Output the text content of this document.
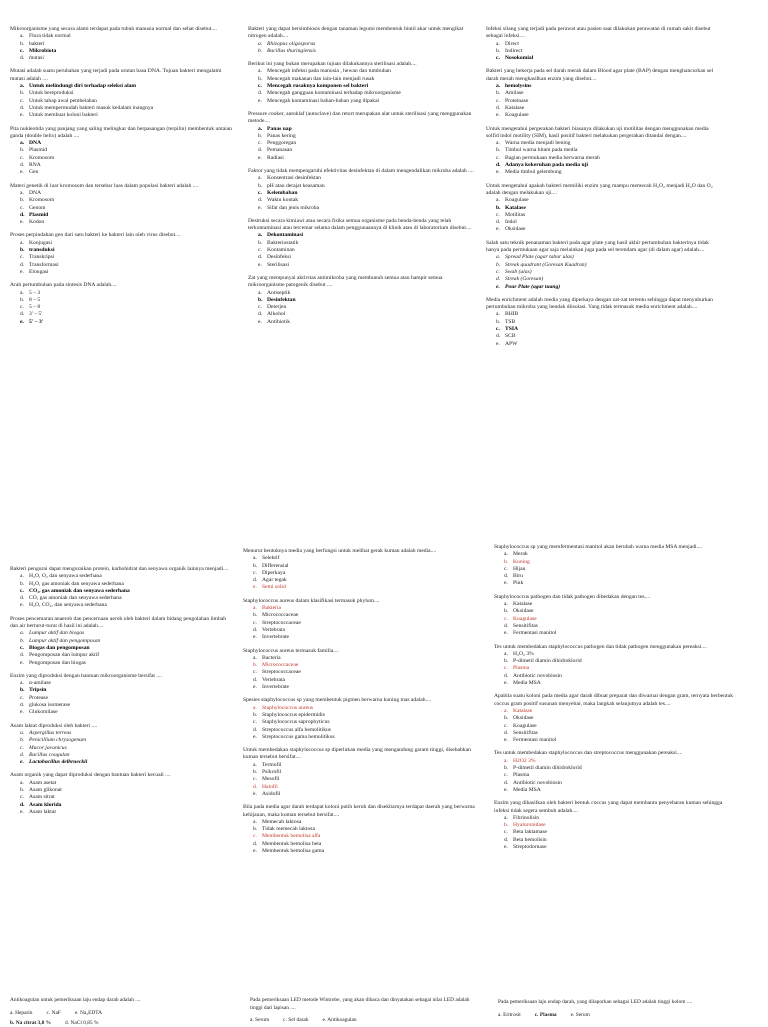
Mikroorganisme yang secara alami terdapat pada tubuh manusia normal dan sehat disebut....

a. Flora tidak normal
b. bakteri
c. Mikrobiota
d. mutasi

Mutasi adalah suatu perubahan yang terjadi pada urutan basa DNA. Tujuan bakteri mengalami mutasi adalah ....

a. Untuk melindungi diri terhadap seleksi alam
b. Untuk bereproduksi
c. Untuk tahap awal pembelahan
d. Untuk mempermudah bakteri masuk kedalam inangnya
e. Untuk membuat koloni bakteri

Pita nukleotida yang panjang yang saling melingkar dan berpasangan (terpilin) membentuk untaian ganda (double helix) adalah ....

a. DNA
b. Plasmid
c. Kromosom
d. RNA
e. Gen

Materi genetik di luar kromosom dan tersebar luas dalam populasi bakteri adalah ....

a. DNA
b. Kromosom
c. Genom
d. Plasmid
e. Kodon

Proses perpindahan gen dari satu bakteri ke bakteri lain oleh virus disebut....

a. Konjugasi
b. transduksi
c. Transkripsi
d. Transformasi
e. Elongasi

Arah pertumbuhan pada sintesis DNA adalah....

a. 5 – 3
b. 8 – 5
c. 5 – 8
d. 3' – 5'
e. 5' – 3'

Bakteri yang dapat bersimbiosis dengan tanaman legumi membentuk bintil akar untuk mengikat nitrogen adalah....

a. Rhizopus oligosporus
b. Bacillus thuringiensis

Berikut ini yang bukan merupakan tujuan dilakukannya sterilisasi adalah....

a. Mencegah infeksi pada manusia , hewan dan tumbuhan
b. Mencegah makanan dan lain-lain menjadi rusak
c. Mencegah rusaknya komponen sel bakteri
d. Mencegah gangguan kontaminasi terhadap mikroorganisme
e. Mencegah kontaminasi bahan-bahan yang dipakai

Pressure cooker, autoklaf (autoclave) dan retort merupakan alat untuk sterilisasi yang menggunakan metode....

a. Panas uap
b. Panas kering
c. Penggoregan
d. Pemanasan
e. Radiasi

Faktor yang tidak mempengaruhi efektivitas desinfektan di dalam mengendalikan mikroba adalah ....

a. Konsentrasi desinfektan
b. pH atau derajat keasaman
c. Kelembaban
d. Waktu kontak
e. Sifat dan jenis mikroba

Destruksi secara kimiawi atau secara fisika semua organisme pada benda-benda yang telah terkontaminasi atau tercemar selama dalam penggunaannya di klinik atau di laboratorium disebut....

a. Dekontaminasi
b. Bakteriostatik
c. Kontaminan
d. Desinfeksi
e. Sterilisasi

Zat yang mempunyai aktivitas antimikroba yang membunuh semua atau hampir semua mikroorganisme patogenik disebut ....

a. Antiseptik
b. Desinfektan
c. Deterjen
d. Alkohol
e. Antibiotik

Infeksi silang yang terjadi pada perawat atau pasien saat dilakukan perawatan di rumah sakit disebut sebagai infeksi....

a. Direct
b. Indirect
c. Nosokomial

Bakteri yang bekerja pada sel darah merah dalam Blood agar plate (BAP) dengan menghancurkan sel darah merah menghasilkan enzim yang disebut....

a. hemolysins
b. Amilase
c. Proteinase
d. Katalase
e. Koagulase

Untuk mengetahui pergerakan bakteri biasanya dilakukan uji motilitas dengan menggunakan media solfid indol motility (SIM), hasil positif bakteri melakukan pergerakan ditandai dengan....

a. Warna media menjadi bening
b. Timbul warna hitam pada media
c. Bagian permukaan media berwarna merah
d. Adanya kekeruhan pada media uji
e. Media timbul gelembung

Untuk mengetahui apakah bakteri memiliki enzim yang mampu memecah H₂O₂ menjadi H₂O dan O₂ adalah dengan melakukan uji....

a. Koagulase
b. Katalase
c. Motilitas
d. Indol
e. Oksidase

Salah satu teknik penanaman bakteri pada agar plate yang hasil akhir pertumbuhan bakterinya tidak hanya pada permukaan agar saja melainkan juga pada sel terendam agar (di dalam agar) adalah....

a. Spread Plate (agar tabur ulas)
b. Streak quadrant (Goresan Kuadran)
c. Swab (ulas)
d. Streak (Goresan)
e. Pour Plate (agar tuang)

Media enrichment adalah media yang diperkaya dengan zat-zat tertentu sehingga dapat menyuburkan pertumbuhan mikroba yang hendak diisolasi. Yang tidak termasuk media enrichment adalah....

a. BHIB
b. TSB
c. TSIA
d. SCB
e. APW

Bakteri pengurai dapat menguraikan protein, karbohidrat dan senyawa organik lainnya menjadi....

a. H₂O, O₂ dan senyawa sederhana
b. H₂O, gas amoniak dan senyawa sederhana
c. CO₂, gas amoniak dan senyawa sederhana
d. CO, gas amoniak dan senyawa sederhana
e. H₂O, CO₂, dan senyawa sederhana

Proses pencemaran anaerob dan pencernaan aerob oleh bakteri dalam bidang pengolahan limbah dan air berturut-turut di hasil ini adalah....

a. Lumpur aktif dan biogas
b. Lumpur aktif dan pengomposan
c. Biogas dan pengomposan
d. Pengomposan dan lumpur aktif
e. Pengomposan dan biogas

Enzim yang diproduksi dengan bantuan mikroorganisme bersifat ....

a. α-amilase
b. Tripsin
c. Protease
d. glukosa isomerase
e. Glukomilase

Asam laktat diproduksi oleh bakteri ....

a. Aspergillus terreus
b. Penicillium chrysogenum
c. Mucor javanicus
d. Bacillus coagulan
e. Lactobacillus delbrueckii

Asam organik yang dapat diproduksi dengan bantuan bakteri kecuali ....

a. Asam asetat
b. Asam glikonat
c. Asam sitrat
d. Asam klorida
e. Asam laktat

Menurut bentuknya media yang berfungsi untuk melihat gerak kuman adalah media....

a. Selektif
b. Differensial
c. Diperkaya
d. Agar tegak
e. Semi solid

Staphylococcus aureus dalam klasifikasi termasuk phylum....

a. Bakteria
b. Micrococcaceae
c. Streptococcaceae
d. Vertebrata
e. Invertebrate

Staphylococcus aureus termasuk familia....

a. Bacteria
b. Micrococcaceae
c. Streptococcaceae
d. Vertebrata
e. Invertebrate

Spesies staphylococcus sp yang membentuk pigmen berwarna kuning mas adalah....

a. Staphylococcus aureus
b. Staphylococcus epidermidis
c. Staphylococcus saprophyticus
d. Streptococcus alfa hemolitikus
e. Streptococcus gama hemolitikus

Untuk membedakan staphylococcus sp diperlukan media yang mengandung garam tinggi, disebabkan kuman tersebut bersifat....

a. Termofil
b. Psikrofil
c. Mesofil
d. Halofil
e. Asidofil

Bila pada media agar darah terdapat koloni putih keruh dan disekitarnya terdapat daerah yang berwarna kehijauan, maka kuman tersebut bersifat....

a. Memecah laktosa
b. Tidak memecah laktosa
c. Membentuk hemolisa alfa
d. Membentuk hemolisa beta
e. Membentuk hemolisa gama

Staphylococcus sp yang memfermentasi manitol akan berubah warna media MSA menjadi....

a. Merah
b. Kuning
c. Hijau
d. Biru
e. Pink

Staphylococcus pathogen dan tidak pathogen dibedakan dengan tes....

a. Katalase
b. Oksidase
c. Koagulase
d. Sensitifitas
e. Fermentasi manitol

Tes untuk membedakan staphylococcus pathogen dan tidak pathogen menggunakan pereaksi....

a. H₂O₂ 3%
b. P-dimetil diamin dihidroklorid
c. Plasma
d. Antibiotic novobiosin
e. Media MSA

Apabila suatu koloni pada media agar darah dibuat preparat dan diwarnai dengan gram, ternyata berbentuk coccus gram positif susunan menyebar, maka langkah selanjutnya adalah tes....

a. Katalase
b. Oksidase
c. Koagulase
d. Sensitifitas
e. Fermentasi manitol

Tes untuk membedakan staphylococcus dan streptococcus menggunakan pereaksi....

a. H2O2 3%
b. P-dimetil diamin dihidroklorid
c. Plasma
d. Antibiotic novobiosin
e. Media MSA

Enzim yang dihasilkan oleh bakteri bentuk coccus yang dapat membantu penyebaran kuman sehingga infeksi tidak segera sembuh adalah....

a. Fibrinolisin
b. Hyaluronidase
c. Beta laktamase
d. Beta hemolisin
e. Streptodornase

Antikoagulan untuk pemeriksaan laju endap darah adalah ....

a. Heparin	c. NaF	e. Na₂EDTA
b. Na citrat 3,8 %	d. NaCl 0,85 %

Pada pemeriksaan LED metode Wintrobe, yang akan dibaca dan dinyatakan sebagai nilai LED adalah tinggi dari lapisan ....

a. Serum	c. Sel darah	e. Antikoagulan

Pada pemeriksaan laju endap darah, yang dilaporkan sebagai LED adalah tinggi kolom ....

a. Eritrosit	c. Plasma	e. Serum
